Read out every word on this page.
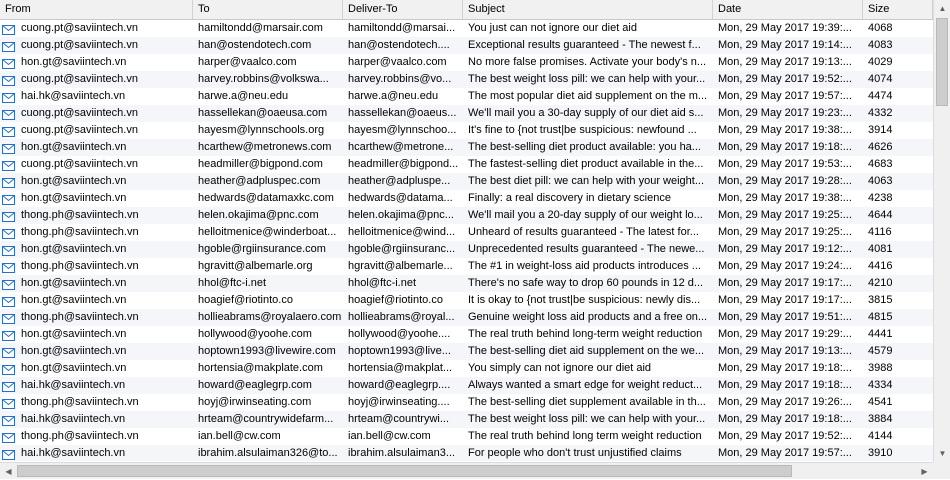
From	To	Deliver-To	Subject	Date	Size
cuong.pt@saviintech.vn	hamiltondd@marsair.com	hamiltondd@marsai...	You just can not ignore our diet aid	Mon, 29 May 2017 19:39:...	4068
cuong.pt@saviintech.vn	han@ostendotech.com	han@ostendotech....	Exceptional results guaranteed - The newest f...	Mon, 29 May 2017 19:14:...	4083
hon.gt@saviintech.vn	harper@vaalco.com	harper@vaalco.com	No more false promises. Activate your body's n...	Mon, 29 May 2017 19:13:...	4029
cuong.pt@saviintech.vn	harvey.robbins@volkswa...	harvey.robbins@vo...	The best weight loss pill: we can help with your...	Mon, 29 May 2017 19:52:...	4074
hai.hk@saviintech.vn	harwe.a@neu.edu	harwe.a@neu.edu	The most popular diet aid supplement on the m... Mon, 29 May 2017 19:57:...	4474
cuong.pt@saviintech.vn	hassellekan@oaeusa.com	hassellekan@oaeus...	We'll mail you a 30-day supply of our diet aid s...	Mon, 29 May 2017 19:23:...	4332
cuong.pt@saviintech.vn	hayesm@lynnschools.org	hayesm@lynnschoo...	It's fine to {not trust|be suspicious: newfound ...	Mon, 29 May 2017 19:38:...	3914
hon.gt@saviintech.vn	hcarthew@metronews.com	hcarthew@metrone...	The best-selling diet product available: you ha...	Mon, 29 May 2017 19:18:...	4626
cuong.pt@saviintech.vn	headmiller@bigpond.com	headmiller@bigpond... The fastest-selling diet product available in the...	Mon, 29 May 2017 19:53:...	4683
hon.gt@saviintech.vn	heather@adpluspec.com	heather@adpluspe...	The best diet pill: we can help with your weight...	Mon, 29 May 2017 19:28:...	4063
hon.gt@saviintech.vn	hedwards@datamaxkc.com	hedwards@datama...	Finally: a real discovery in dietary science	Mon, 29 May 2017 19:38:...	4238
thong.ph@saviintech.vn	helen.okajima@pnc.com	helen.okajima@pnc...	We'll mail you a 20-day supply of our weight lo...	Mon, 29 May 2017 19:25:...	4644
thong.ph@saviintech.vn	helloitmenice@winderboat...	helloitmenice@wind...	Unheard of results guaranteed - The latest for...	Mon, 29 May 2017 19:25:...	4116
hon.gt@saviintech.vn	hgoble@rgiinsurance.com	hgoble@rgiinsuranc...	Unprecedented results guaranteed - The newe...	Mon, 29 May 2017 19:12:...	4081
thong.ph@saviintech.vn	hgravitt@albemarle.org	hgravitt@albemarle...	The #1 in weight-loss aid products introduces ...	Mon, 29 May 2017 19:24:...	4416
hon.gt@saviintech.vn	hhol@ftc-i.net	hhol@ftc-i.net	There's no safe way to drop 60 pounds in 12 d...	Mon, 29 May 2017 19:17:...	4210
hon.gt@saviintech.vn	hoagief@riotinto.co	hoagief@riotinto.co	It is okay to {not trust|be suspicious: newly dis...	Mon, 29 May 2017 19:17:...	3815
thong.ph@saviintech.vn	hollieabrams@royalaero.com hollieabrams@royal...	Genuine weight loss aid products and a free on... Mon, 29 May 2017 19:51:...	4815
hon.gt@saviintech.vn	hollywood@yoohe.com	hollywood@yoohe....	The real truth behind long-term weight reduction	Mon, 29 May 2017 19:29:...	4441
hon.gt@saviintech.vn	hoptown1993@livewire.com	hoptown1993@live...	The best-selling diet aid supplement on the we...	Mon, 29 May 2017 19:13:...	4579
hon.gt@saviintech.vn	hortensia@makplate.com	hortensia@makplat...	You simply can not ignore our diet aid	Mon, 29 May 2017 19:18:...	3988
hai.hk@saviintech.vn	howard@eaglegrp.com	howard@eaglegrp....	Always wanted a smart edge for weight reduct...	Mon, 29 May 2017 19:18:...	4334
thong.ph@saviintech.vn	hoyj@irwinseating.com	hoyj@irwinseating....	The best-selling diet supplement available in th...	Mon, 29 May 2017 19:26:...	4541
hai.hk@saviintech.vn	hrteam@countrywidefarm...	hrteam@countrywi...	The best weight loss pill: we can help with your...	Mon, 29 May 2017 19:18:...	3884
thong.ph@saviintech.vn	ian.bell@cw.com	ian.bell@cw.com	The real truth behind long term weight reduction	Mon, 29 May 2017 19:52:...	4144
hai.hk@saviintech.vn	ibrahim.alsulaiman326@to... ibrahim.alsulaiman3...	For people who don't trust unjustified claims	Mon, 29 May 2017 19:57:...	3910
▲
▼
◀	▶
